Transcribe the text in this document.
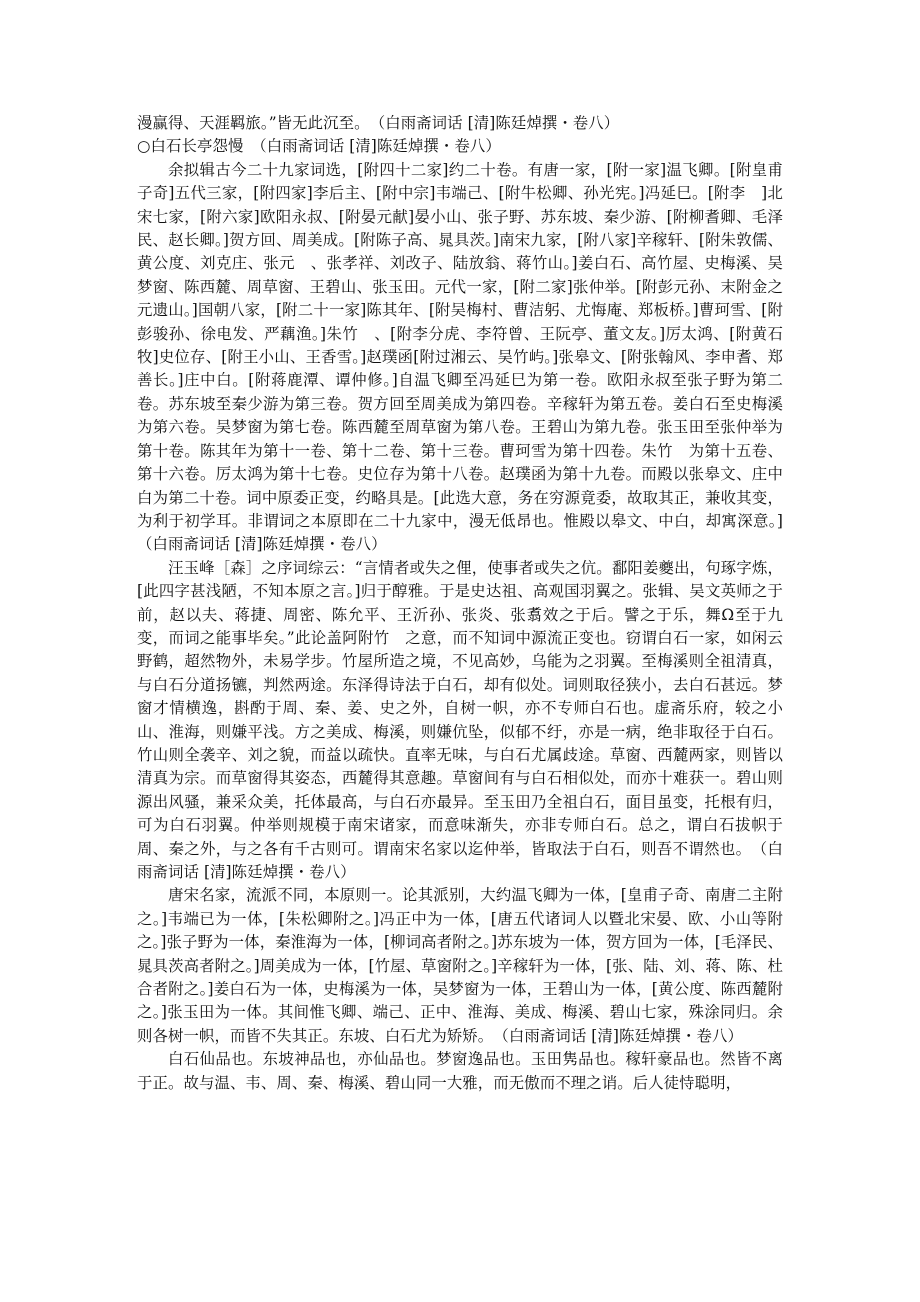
漫赢得、天涯羁旅。”皆无此沉至。　（白雨斋词话 [清]陈廷焯撰・卷八）

○白石长亭怨慢　（白雨斋词话 [清]陈廷焯撰・卷八）

余拟辑古今二十九家词选，[附四十二家]约二十卷。有唐一家，[附一家]温飞卿。[附皇甫子奇]五代三家，[附四家]李后主、[附中宗]韦端己、[附牛松卿、孙光宪。]冯延巳。[附李　]北宋七家，[附六家]欧阳永叔、[附晏元献]晏小山、张子野、苏东坡、秦少游、[附柳耆卿、毛泽民、赵长卿。]贺方回、周美成。[附陈子高、晁具茨。]南宋九家，[附八家]辛稼轩、[附朱敦儒、黄公度、刘克庄、张元　、张孝祥、刘改子、陆放翁、蒋竹山。]姜白石、高竹屋、史梅溪、吴梦窗、陈西麓、周草窗、王碧山、张玉田。元代一家，[附二家]张仲举。[附彭元孙、末附金之元遗山。]国朝八家，[附二十一家]陈其年、[附吴梅村、曹洁躬、尤悔庵、郑板桥。]曹珂雪、[附彭骏孙、徐电发、严藕渔。]朱竹　、[附李分虎、李符曾、王阮亭、董文友。]厉太鸿、[附黄石牧]史位存、[附王小山、王香雪。]赵璞函[附过湘云、吴竹屿。]张皋文、[附张翰风、李申耆、郑善长。]庄中白。[附蒋鹿潭、谭仲修。]自温飞卿至冯延巳为第一卷。欧阳永叔至张子野为第二卷。苏东坡至秦少游为第三卷。贺方回至周美成为第四卷。辛稼轩为第五卷。姜白石至史梅溪为第六卷。吴梦窗为第七卷。陈西麓至周草窗为第八卷。王碧山为第九卷。张玉田至张仲举为第十卷。陈其年为第十一卷、第十二卷、第十三卷。曹珂雪为第十四卷。朱竹　为第十五卷、第十六卷。厉太鸿为第十七卷。史位存为第十八卷。赵璞函为第十九卷。而殿以张皋文、庄中白为第二十卷。词中原委正变，约略具是。[此选大意，务在穷源竟委，故取其正，兼收其变，为利于初学耳。非谓词之本原即在二十九家中，漫无低昂也。惟殿以皋文、中白，却寓深意。]　（白雨斋词话 [清]陈廷焯撰・卷八）

汪玉峰［森］之序词综云：“言情者或失之俚，使事者或失之伉。鄱阳姜夔出，句琢字炼，[此四字甚浅陋，不知本原之言。]归于醇雅。于是史达祖、高观国羽翼之。张辑、吴文英师之于前，赵以夫、蒋捷、周密、陈允平、王沂孙、张炎、张翥效之于后。譬之于乐，舞Ω至于九变，而词之能事毕矣。”此论盖阿附竹　之意，而不知词中源流正变也。窃谓白石一家，如闲云野鹤，超然物外，未易学步。竹屋所造之境，不见高妙，乌能为之羽翼。至梅溪则全祖清真，与白石分道扬镳，判然两途。东泽得诗法于白石，却有似处。词则取径狭小，去白石甚远。梦窗才情横逸，斟酌于周、秦、姜、史之外，自树一帜，亦不专师白石也。虚斋乐府，较之小山、淮海，则嫌平浅。方之美成、梅溪，则嫌伉坠，似郁不纡，亦是一病，绝非取径于白石。竹山则全袭辛、刘之貌，而益以疏快。直率无味，与白石尤属歧途。草窗、西麓两家，则皆以清真为宗。而草窗得其姿态，西麓得其意趣。草窗间有与白石相似处，而亦十难获一。碧山则源出风骚，兼采众美，托体最高，与白石亦最异。至玉田乃全祖白石，面目虽变，托根有归，可为白石羽翼。仲举则规模于南宋诸家，而意味渐失，亦非专师白石。总之，谓白石拔帜于周、秦之外，与之各有千古则可。谓南宋名家以迄仲举，皆取法于白石，则吾不谓然也。　（白雨斋词话 [清]陈廷焯撰・卷八）

唐宋名家，流派不同，本原则一。论其派别，大约温飞卿为一体，[皇甫子奇、南唐二主附之。]韦端已为一体，[朱松卿附之。]冯正中为一体，[唐五代诸词人以暨北宋晏、欧、小山等附之。]张子野为一体，秦淮海为一体，[柳词高者附之。]苏东坡为一体，贺方回为一体，[毛泽民、晁具茨高者附之。]周美成为一体，[竹屋、草窗附之。]辛稼轩为一体，[张、陆、刘、蒋、陈、杜合者附之。]姜白石为一体，史梅溪为一体，吴梦窗为一体，王碧山为一体，[黄公度、陈西麓附之。]张玉田为一体。其间惟飞卿、端己、正中、淮海、美成、梅溪、碧山七家，殊涂同归。余则各树一帜，而皆不失其正。东坡、白石尤为矫矫。　（白雨斋词话 [清]陈廷焯撰・卷八）

白石仙品也。东坡神品也，亦仙品也。梦窗逸品也。玉田隽品也。稼轩豪品也。然皆不离于正。故与温、韦、周、秦、梅溪、碧山同一大雅，而无傲而不理之诮。后人徒恃聪明，
